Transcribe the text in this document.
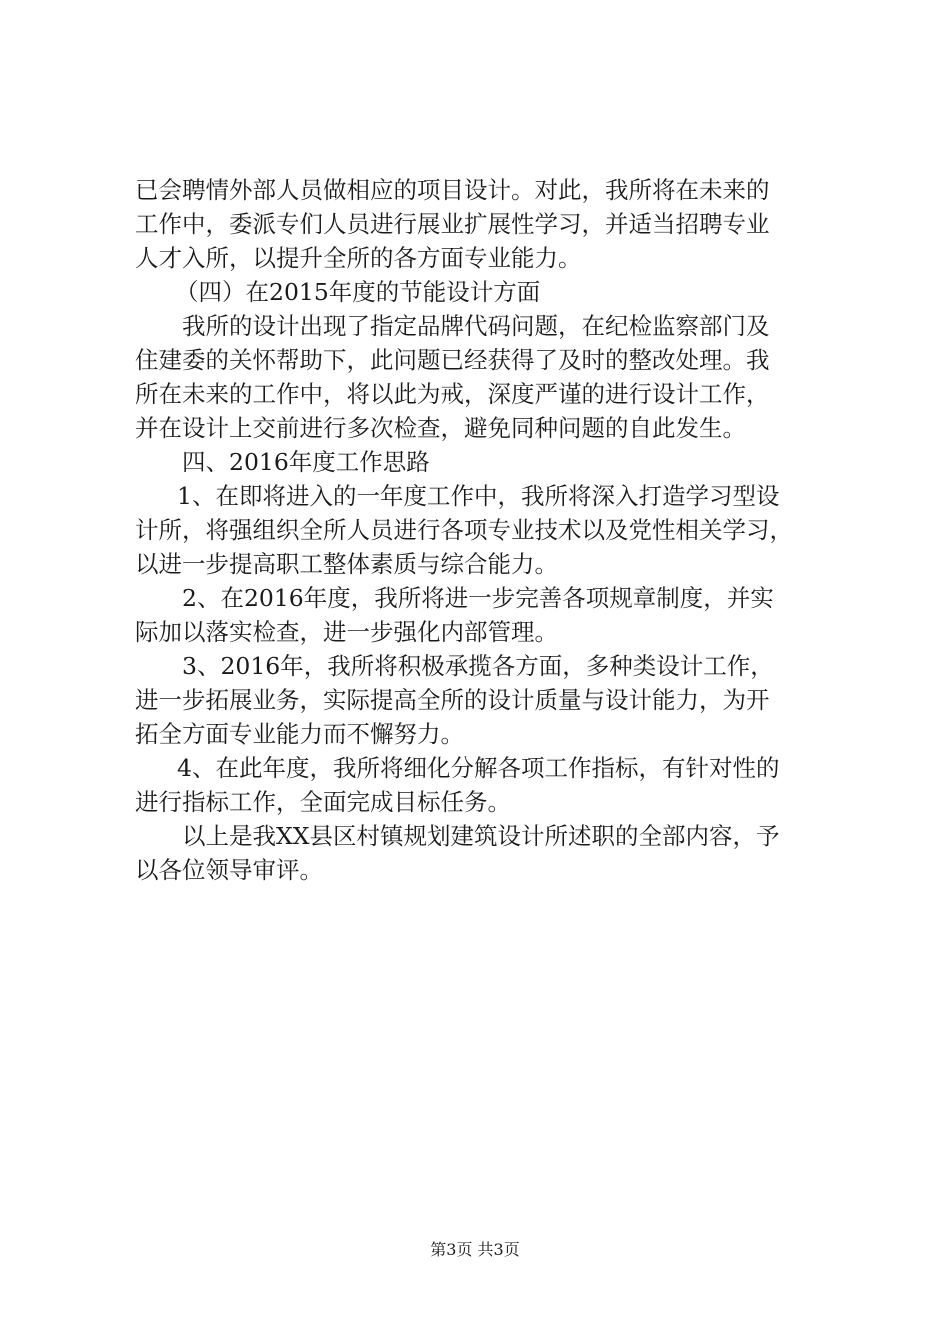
已会聘情外部人员做相应的项目设计。对此，我所将在未来的
工作中，委派专们人员进行展业扩展性学习，并适当招聘专业
人才入所，以提升全所的各方面专业能力。
（四）在2015年度的节能设计方面
我所的设计出现了指定品牌代码问题，在纪检监察部门及
住建委的关怀帮助下，此问题已经获得了及时的整改处理。我
所在未来的工作中，将以此为戒，深度严谨的进行设计工作，
并在设计上交前进行多次检查，避免同种问题的自此发生。
四、2016年度工作思路
1、在即将进入的一年度工作中，我所将深入打造学习型设
计所，将强组织全所人员进行各项专业技术以及党性相关学习，
以进一步提高职工整体素质与综合能力。
2、在2016年度，我所将进一步完善各项规章制度，并实
际加以落实检查，进一步强化内部管理。
3、2016年，我所将积极承揽各方面，多种类设计工作，
进一步拓展业务，实际提高全所的设计质量与设计能力，为开
拓全方面专业能力而不懈努力。
4、在此年度，我所将细化分解各项工作指标，有针对性的
进行指标工作，全面完成目标任务。
以上是我XX县区村镇规划建筑设计所述职的全部内容，予
以各位领导审评。
第3页 共3页
